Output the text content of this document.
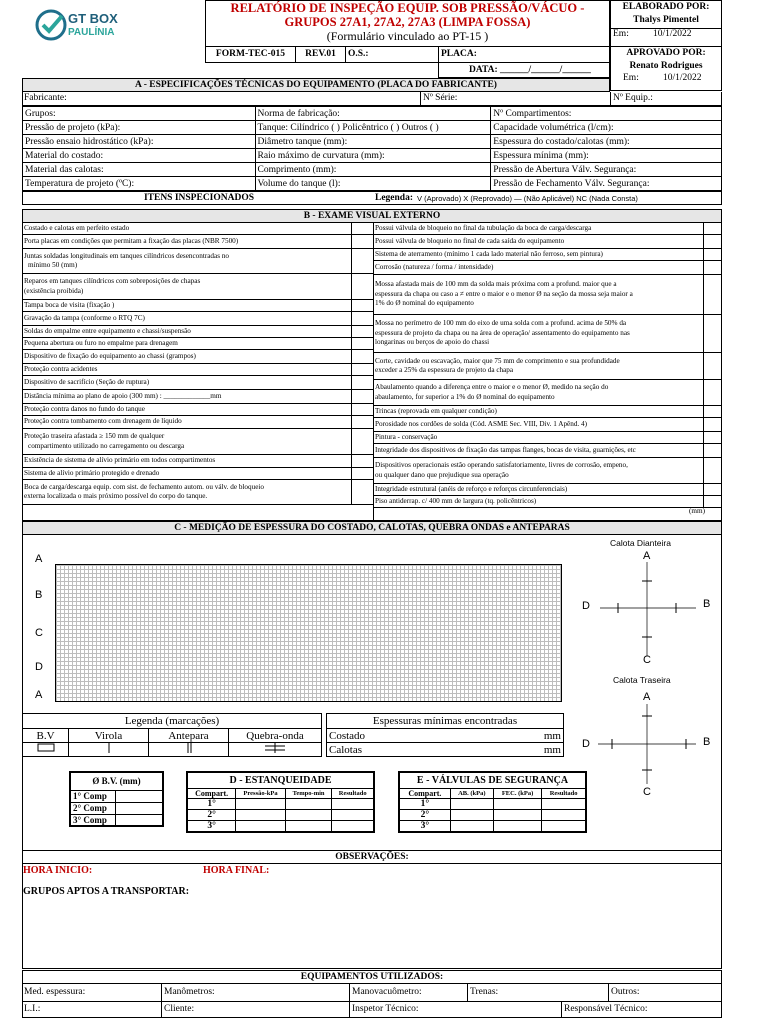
GT BOX
PAULÍNIA
RELATÓRIO DE INSPEÇÃO EQUIP. SOB PRESSÃO/VÁCUO -
GRUPOS 27A1, 27A2, 27A3 (LIMPA FOSSA)
(Formulário vinculado ao PT-15 )
ELABORADO POR:
Thalys Pimentel
Em:	10/1/2022
FORM-TEC-015	REV.01	O.S.:	PLACA:
DATA: ______/______/______
APROVADO POR:
Renato Rodrigues
Em:	10/1/2022
A - ESPECIFICAÇÕES TÉCNICAS DO EQUIPAMENTO (PLACA DO FABRICANTE)
Fabricante:	Nº Série:	Nº Equip.:
Grupos:	Norma de fabricação:	Nº Compartimentos:
Pressão de projeto (kPa):	Tanque: Cilíndrico ( ) Policêntrico ( ) Outros ( )	Capacidade volumétrica (l/cm):
Pressão ensaio hidrostático (kPa):	Diâmetro tanque (mm):	Espessura do costado/calotas (mm):
Material do costado:	Raio máximo de curvatura (mm):	Espessura mínima (mm):
Material das calotas:	Comprimento (mm):	Pressão de Abertura Válv. Segurança:
Temperatura de projeto (ºC):	Volume do tanque (l):	Pressão de Fechamento Válv. Segurança:
ITENS INSPECIONADOS	Legenda: V (Aprovado) X (Reprovado) — (Não Aplicável) NC (Nada Consta)
B - EXAME VISUAL EXTERNO
Costado e calotas em perfeito estado
Porta placas em condições que permitam a fixação das placas (NBR 7500)
Juntas soldadas longitudinais em tanques cilíndricos desencontradas no
mínimo 50 (mm)
Reparos em tanques cilíndricos com sobreposições de chapas
(existência proibida)
Tampa boca de visita (fixação )
Gravação da tampa (conforme o RTQ 7C)
Soldas do empalme entre equipamento e chassi/suspensão
Pequena abertura ou furo no empalme para drenagem
Dispositivo de fixação do equipamento ao chassi (grampos)
Proteção contra acidentes
Dispositivo de sacrifício (Seção de ruptura)
Distância mínima ao plano de apoio (300 mm) : _____________mm
Proteção contra danos no fundo do tanque
Proteção contra tombamento com drenagem de líquido
Proteção traseira afastada ≥ 150 mm de qualquer
compartimento utilizado no carregamento ou descarga
Existência de sistema de alívio primário em todos compartimentos
Sistema de alívio primário protegido e drenado
Boca de carga/descarga equip. com sist. de fechamento autom. ou válv. de bloqueio
externa localizada o mais próximo possível do corpo do tanque.
Possui válvula de bloqueio no final da tubulação da boca de carga/descarga
Possui válvula de bloqueio no final de cada saída do equipamento
Sistema de aterramento (mínimo 1 cada lado material não ferroso, sem pintura)
Corrosão (natureza / forma / intensidade)
Mossa afastada mais de 100 mm da solda mais próxima com a profund. maior que a
espessura da chapa ou caso a ≠ entre o maior e o menor Ø na seção da mossa seja maior a
1% do Ø nominal do equipamento
Mossa no perímetro de 100 mm do eixo de uma solda com a profund. acima de 50% da
espessura de projeto da chapa ou na área de operação/ assentamento do equipamento nas
longarinas ou berços de apoio do chassi
Corte, cavidade ou escavação, maior que 75 mm de comprimento e sua profundidade
exceder a 25% da espessura de projeto da chapa
Abaulamento quando a diferença entre o maior e o menor Ø, medido na seção do
abaulamento, for superior a 1% do Ø nominal do equipamento
Trincas (reprovada em qualquer condição)
Porosidade nos cordões de solda (Cód. ASME Sec. VIII, Div. 1 Apênd. 4)
Pintura - conservação
Integridade dos dispositivos de fixação das tampas flanges, bocas de visita, guarnições, etc
Dispositivos operacionais estão operando satisfatoriamente, livres de corrosão, empeno,
ou qualquer dano que prejudique sua operação
Integridade estrutural (anéis de reforço e reforços circunferenciais)
Piso antiderrap. c/ 400 mm de largura (tq. policêntricos)
(mm)
C - MEDIÇÃO DE ESPESSURA DO COSTADO, CALOTAS, QUEBRA ONDAS e ANTEPARAS
A
B
C
D
A
Calota Dianteira
A
B
C
D
Calota Traseira
A
B
C
D
Legenda (marcações)			
B.V	Virola	Antepara	Quebra-onda

Espessuras mínimas encontradas	
Costado	mm
Calotas	mm
Ø B.V. (mm)	
1° Comp	
2° Comp	
3° Comp	
D - ESTANQUEIDADE			
Compart.	Pressão-kPa	Tempo-min	Resultado
1°			
2°			
3°			
E - VÁLVULAS DE SEGURANÇA			
Compart.	AB. (kPa)	FEC. (kPa)	Resultado
1°			
2°			
3°			
OBSERVAÇÕES:
HORA INICIO:	HORA FINAL:
GRUPOS APTOS A TRANSPORTAR:
EQUIPAMENTOS UTILIZADOS:
Med. espessura:	Manômetros:	Manovacuômetro:	Trenas:	Outros:
L.I.:	Cliente:	Inspetor Técnico:	Responsável Técnico:
